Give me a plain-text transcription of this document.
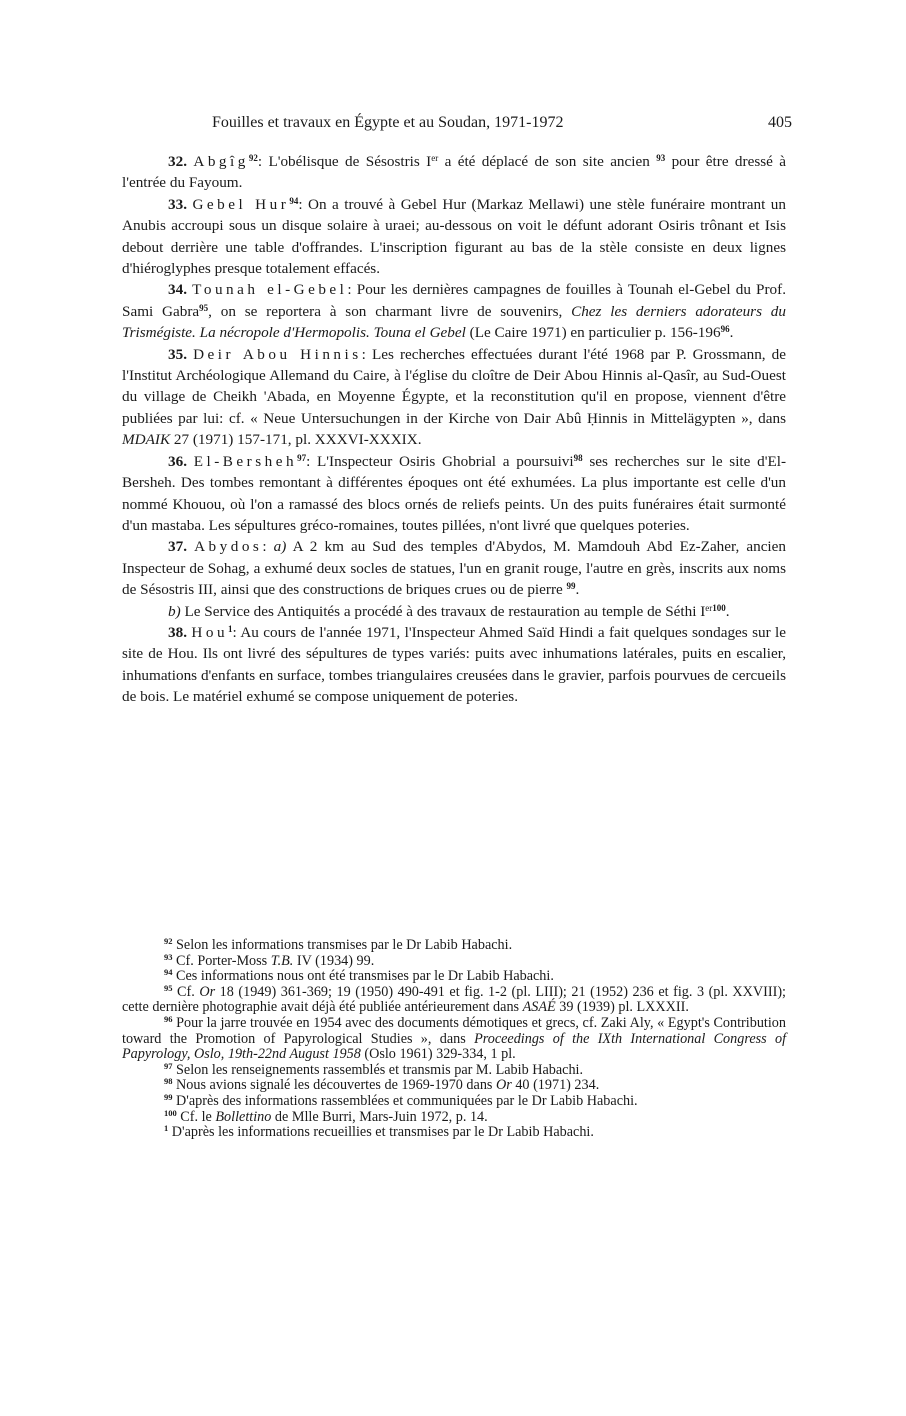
Fouilles et travaux en Égypte et au Soudan, 1971-1972	405

32. Abgîg$^{92}$: L'obélisque de Sésostris Ier a été déplacé de son site ancien $^{93}$ pour être dressé à l'entrée du Fayoum.

33. Gebel Hur$^{94}$: On a trouvé à Gebel Hur (Markaz Mellawi) une stèle funéraire montrant un Anubis accroupi sous un disque solaire à uraei; au-dessous on voit le défunt adorant Osiris trônant et Isis debout derrière une table d'offrandes. L'inscription figurant au bas de la stèle consiste en deux lignes d'hiéroglyphes presque totalement effacés.

34. Tounah el-Gebel: Pour les dernières campagnes de fouilles à Tounah el-Gebel du Prof. Sami Gabra$^{95}$, on se reportera à son charmant livre de souvenirs, Chez les derniers adorateurs du Trismégiste. La nécropole d'Hermopolis. Touna el Gebel (Le Caire 1971) en particulier p. $156-196^{96}$.

35. Deir Abou Hinnis: Les recherches effectuées durant l'été 1968 par P. Grossmann, de l'Institut Archéologique Allemand du Caire, à l'église du cloître de Deir Abou Hinnis al-Qasîr, au Sud-Ouest du village de Cheikh 'Abada, en Moyenne Égypte, et la reconstitution qu'il en propose, viennent d'être publiées par lui: cf. « Neue Untersuchungen in der Kirche von Dair Abû Ḥinnis in Mittelägypten », dans MDAIK 27 (1971) 157-171, pl. XXXVI-XXXIX.

36. El-Bersheh$^{97}$: L'Inspecteur Osiris Ghobrial a poursuivi$^{98}$ ses recherches sur le site d'El-Bersheh. Des tombes remontant à différentes époques ont été exhumées. La plus importante est celle d'un nommé Khouou, où l'on a ramassé des blocs ornés de reliefs peints. Un des puits funéraires était surmonté d'un mastaba. Les sépultures gréco-romaines, toutes pillées, n'ont livré que quelques poteries.

37. Abydos: a) A 2 km au Sud des temples d'Abydos, M. Mamdouh Abd Ez-Zaher, ancien Inspecteur de Sohag, a exhumé deux socles de statues, l'un en granit rouge, l'autre en grès, inscrits aux noms de Sésostris III, ainsi que des constructions de briques crues ou de pierre $^{99}$.

b) Le Service des Antiquités a procédé à des travaux de restauration au temple de Séthi $I^{er100}$.

38. Hou$^1$: Au cours de l'année 1971, l'Inspecteur Ahmed Saïd Hindi a fait quelques sondages sur le site de Hou. Ils ont livré des sépultures de types variés: puits avec inhumations latérales, puits en escalier, inhumations d'enfants en surface, tombes triangulaires creusées dans le gravier, parfois pourvues de cercueils de bois. Le matériel exhumé se compose uniquement de poteries.

$^{92}$ Selon les informations transmises par le Dr Labib Habachi.

$^{93}$ Cf. Porter-Moss T.B. IV (1934) 99.

$^{94}$ Ces informations nous ont été transmises par le Dr Labib Habachi.

$^{95}$ Cf. Or 18 (1949) 361-369; 19 (1950) 490-491 et fig. 1-2 (pl. LIII); 21 (1952) 236 et fig. 3 (pl. XXVIII); cette dernière photographie avait déjà été publiée antérieurement dans ASAÉ 39 (1939) pl. LXXXII.

$^{96}$ Pour la jarre trouvée en 1954 avec des documents démotiques et grecs, cf. Zaki Aly, « Egypt's Contribution toward the Promotion of Papyrological Studies », dans Proceedings of the IXth International Congress of Papyrology, Oslo, 19th-22nd August 1958 (Oslo 1961) 329-334, 1 pl.

$^{97}$ Selon les renseignements rassemblés et transmis par M. Labib Habachi.

$^{98}$ Nous avions signalé les découvertes de 1969-1970 dans Or 40 (1971) 234.

$^{99}$ D'après des informations rassemblées et communiquées par le Dr Labib Habachi.

$^{100}$ Cf. le Bollettino de Mlle Burri, Mars-Juin 1972, p. 14.

$^1$ D'après les informations recueillies et transmises par le Dr Labib Habachi.
